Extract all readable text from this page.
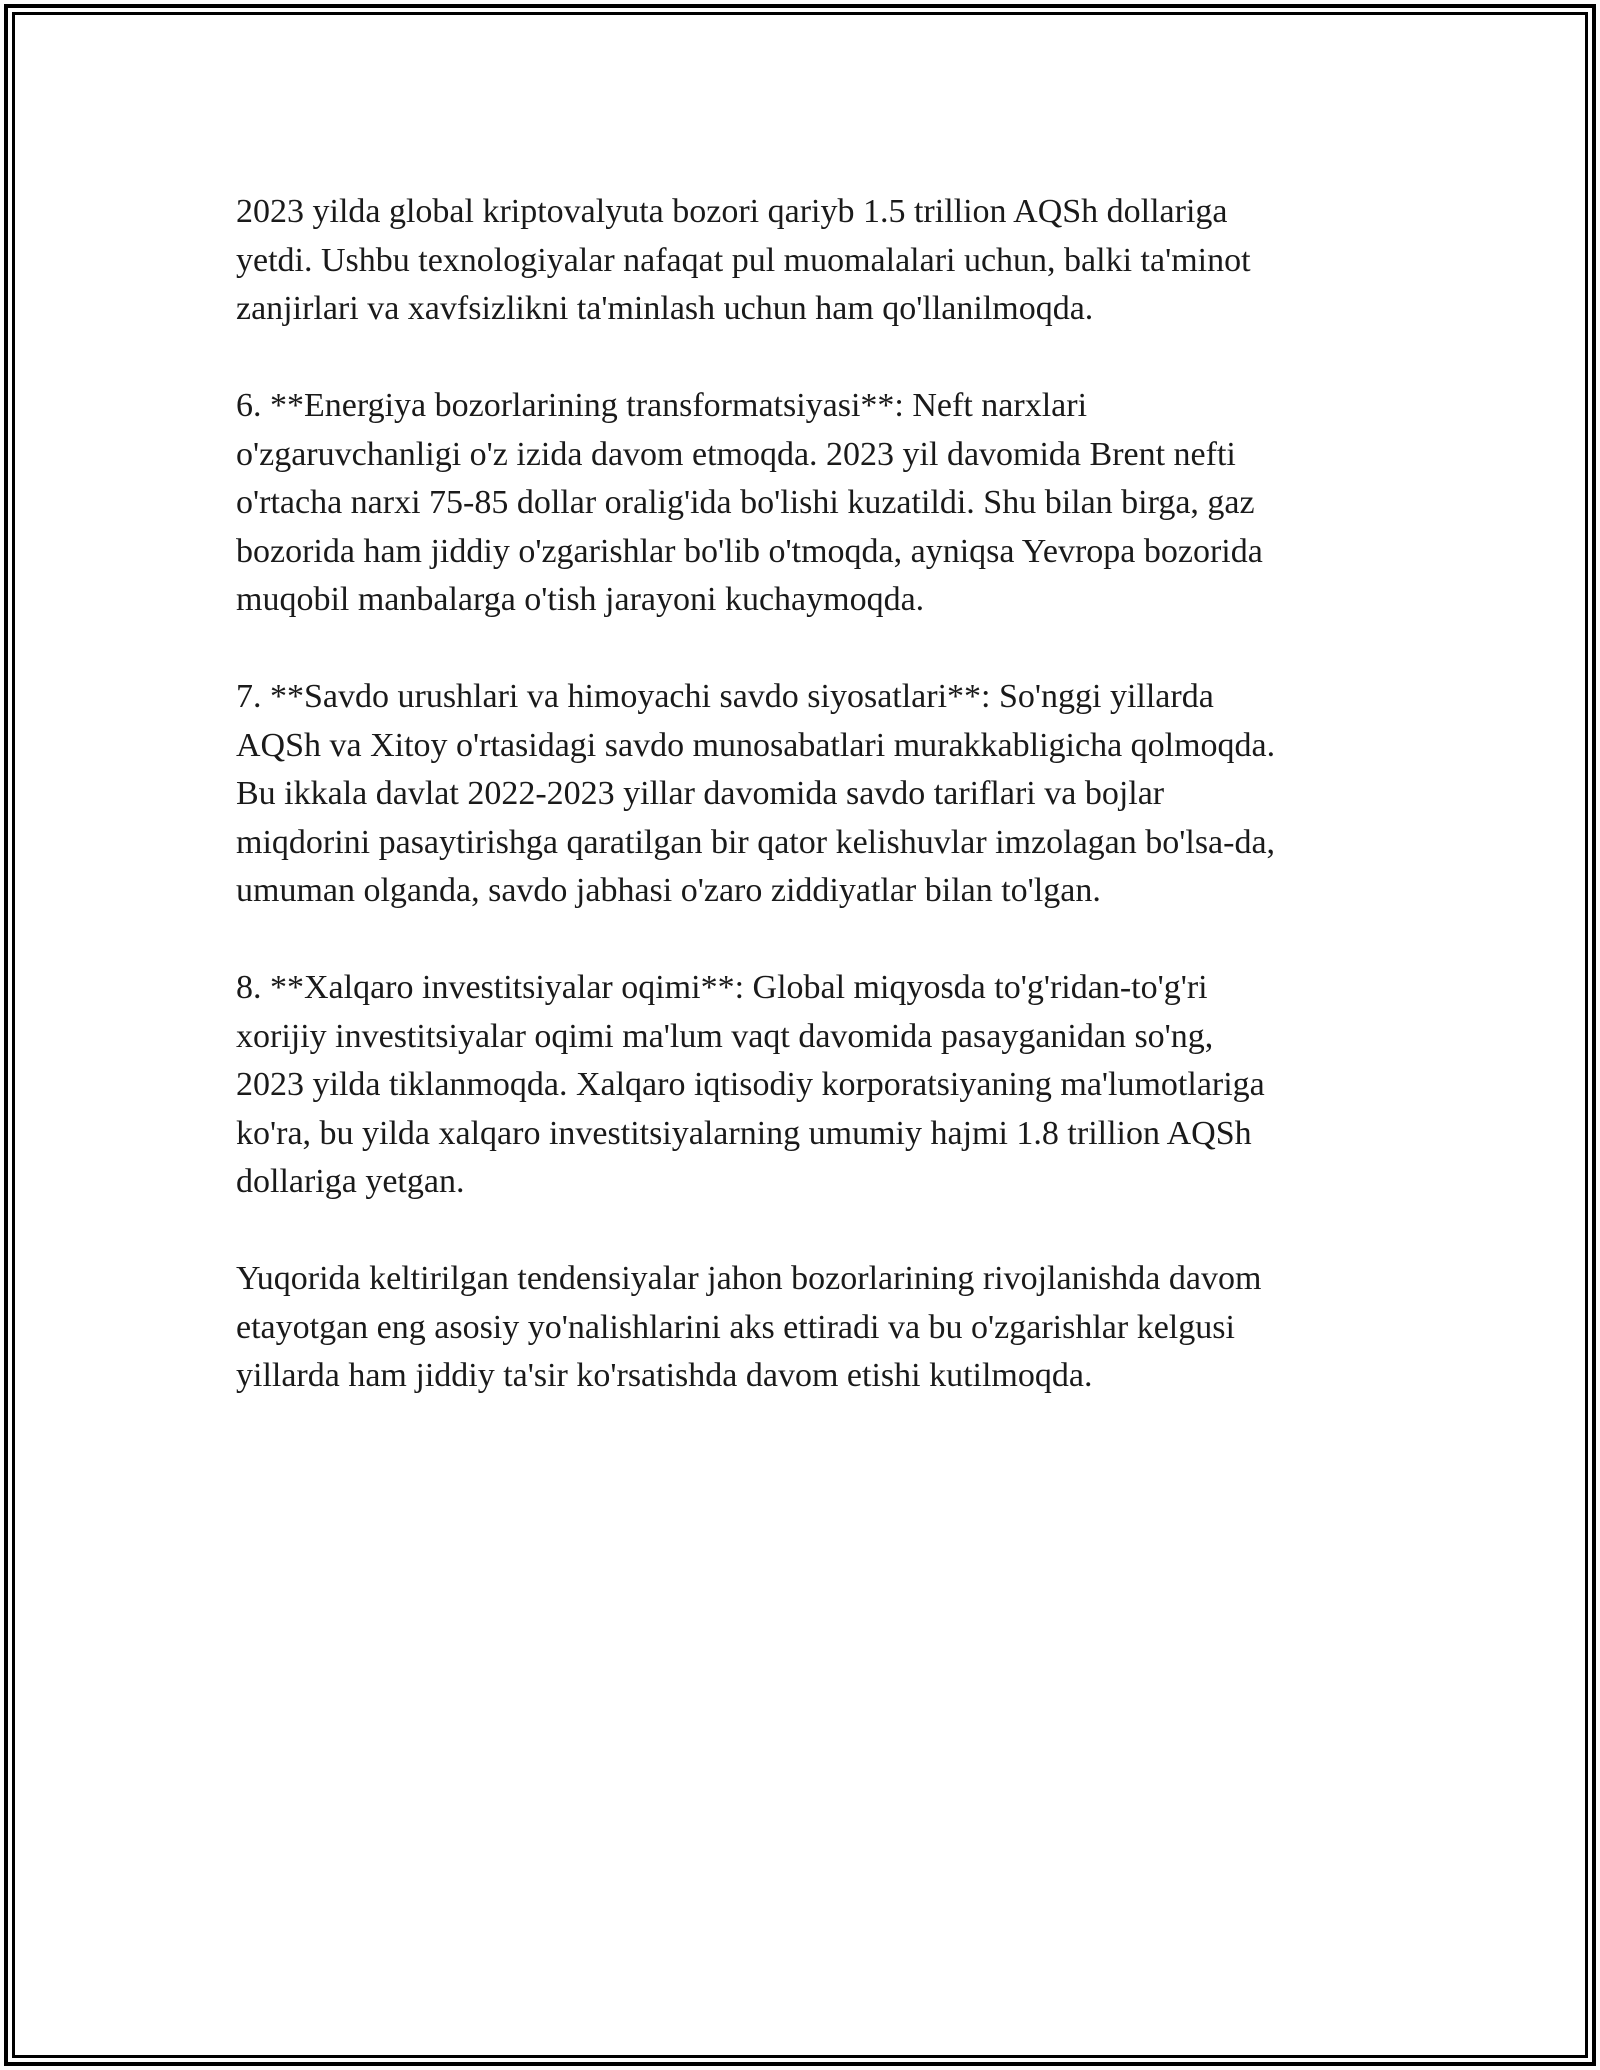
2023 yilda global kriptovalyuta bozori qariyb 1.5 trillion AQSh dollariga
yetdi. Ushbu texnologiyalar nafaqat pul muomalalari uchun, balki ta'minot
zanjirlari va xavfsizlikni ta'minlash uchun ham qo'llanilmoqda.

6. **Energiya bozorlarining transformatsiyasi**: Neft narxlari
o'zgaruvchanligi o'z izida davom etmoqda. 2023 yil davomida Brent nefti
o'rtacha narxi 75-85 dollar oralig'ida bo'lishi kuzatildi. Shu bilan birga, gaz
bozorida ham jiddiy o'zgarishlar bo'lib o'tmoqda, ayniqsa Yevropa bozorida
muqobil manbalarga o'tish jarayoni kuchaymoqda.

7. **Savdo urushlari va himoyachi savdo siyosatlari**: So'nggi yillarda
AQSh va Xitoy o'rtasidagi savdo munosabatlari murakkabligicha qolmoqda.
Bu ikkala davlat 2022-2023 yillar davomida savdo tariflari va bojlar
miqdorini pasaytirishga qaratilgan bir qator kelishuvlar imzolagan bo'lsa-da,
umuman olganda, savdo jabhasi o'zaro ziddiyatlar bilan to'lgan.

8. **Xalqaro investitsiyalar oqimi**: Global miqyosda to'g'ridan-to'g'ri
xorijiy investitsiyalar oqimi ma'lum vaqt davomida pasayganidan so'ng,
2023 yilda tiklanmoqda. Xalqaro iqtisodiy korporatsiyaning ma'lumotlariga
ko'ra, bu yilda xalqaro investitsiyalarning umumiy hajmi 1.8 trillion AQSh
dollariga yetgan.

Yuqorida keltirilgan tendensiyalar jahon bozorlarining rivojlanishda davom
etayotgan eng asosiy yo'nalishlarini aks ettiradi va bu o'zgarishlar kelgusi
yillarda ham jiddiy ta'sir ko'rsatishda davom etishi kutilmoqda.
